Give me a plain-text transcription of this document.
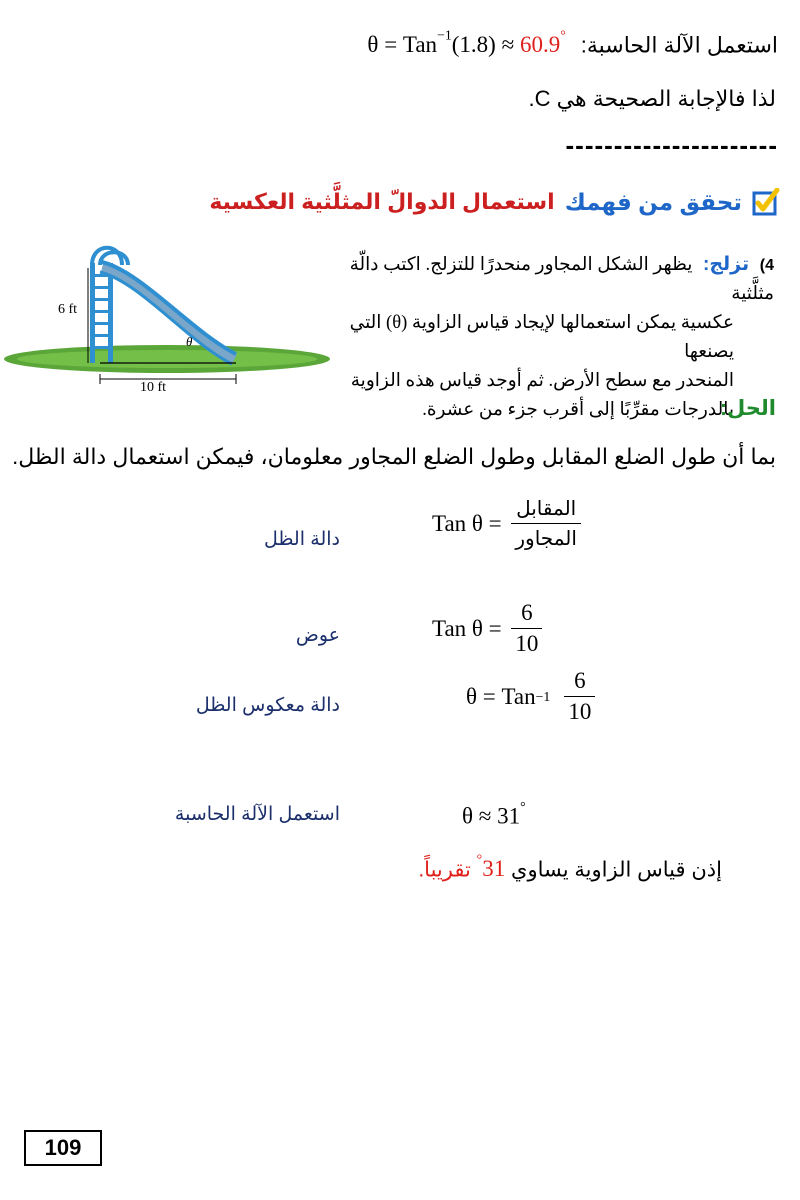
استعمل الآلة الحاسبة: θ = Tan$^{-1}$(1.8) ≈ 60.9°
لذا فالإجابة الصحيحة هي C.
----------------------
تحقق من فهمك
استعمال الدوالّ المثلَّثية العكسية
6 ft
10 ft
θ
4) تزلج: يظهر الشكل المجاور منحدرًا للتزلج. اكتب دالّة مثلَّثية
عكسية يمكن استعمالها لإيجاد قياس الزاوية (θ) التي يصنعها
المنحدر مع سطح الأرض. ثم أوجد قياس هذه الزاوية
بالدرجات مقرِّبًا إلى أقرب جزء من عشرة.
الحل:
بما أن طول الضلع المقابل وطول الضلع المجاور معلومان، فيمكن استعمال دالة الظل.
دالة الظل
Tan $\theta = \frac{\text{المقابل}}{\text{المجاور}}$
عوض	Tan $\theta = \frac{6}{10}$
دالة معكوس الظل	θ = Tan $-1 \frac{6}{10}$
استعمل الآلة الحاسبة	θ ≈ 31°
إذن قياس الزاوية يساوي °31 تقريباً.
109
